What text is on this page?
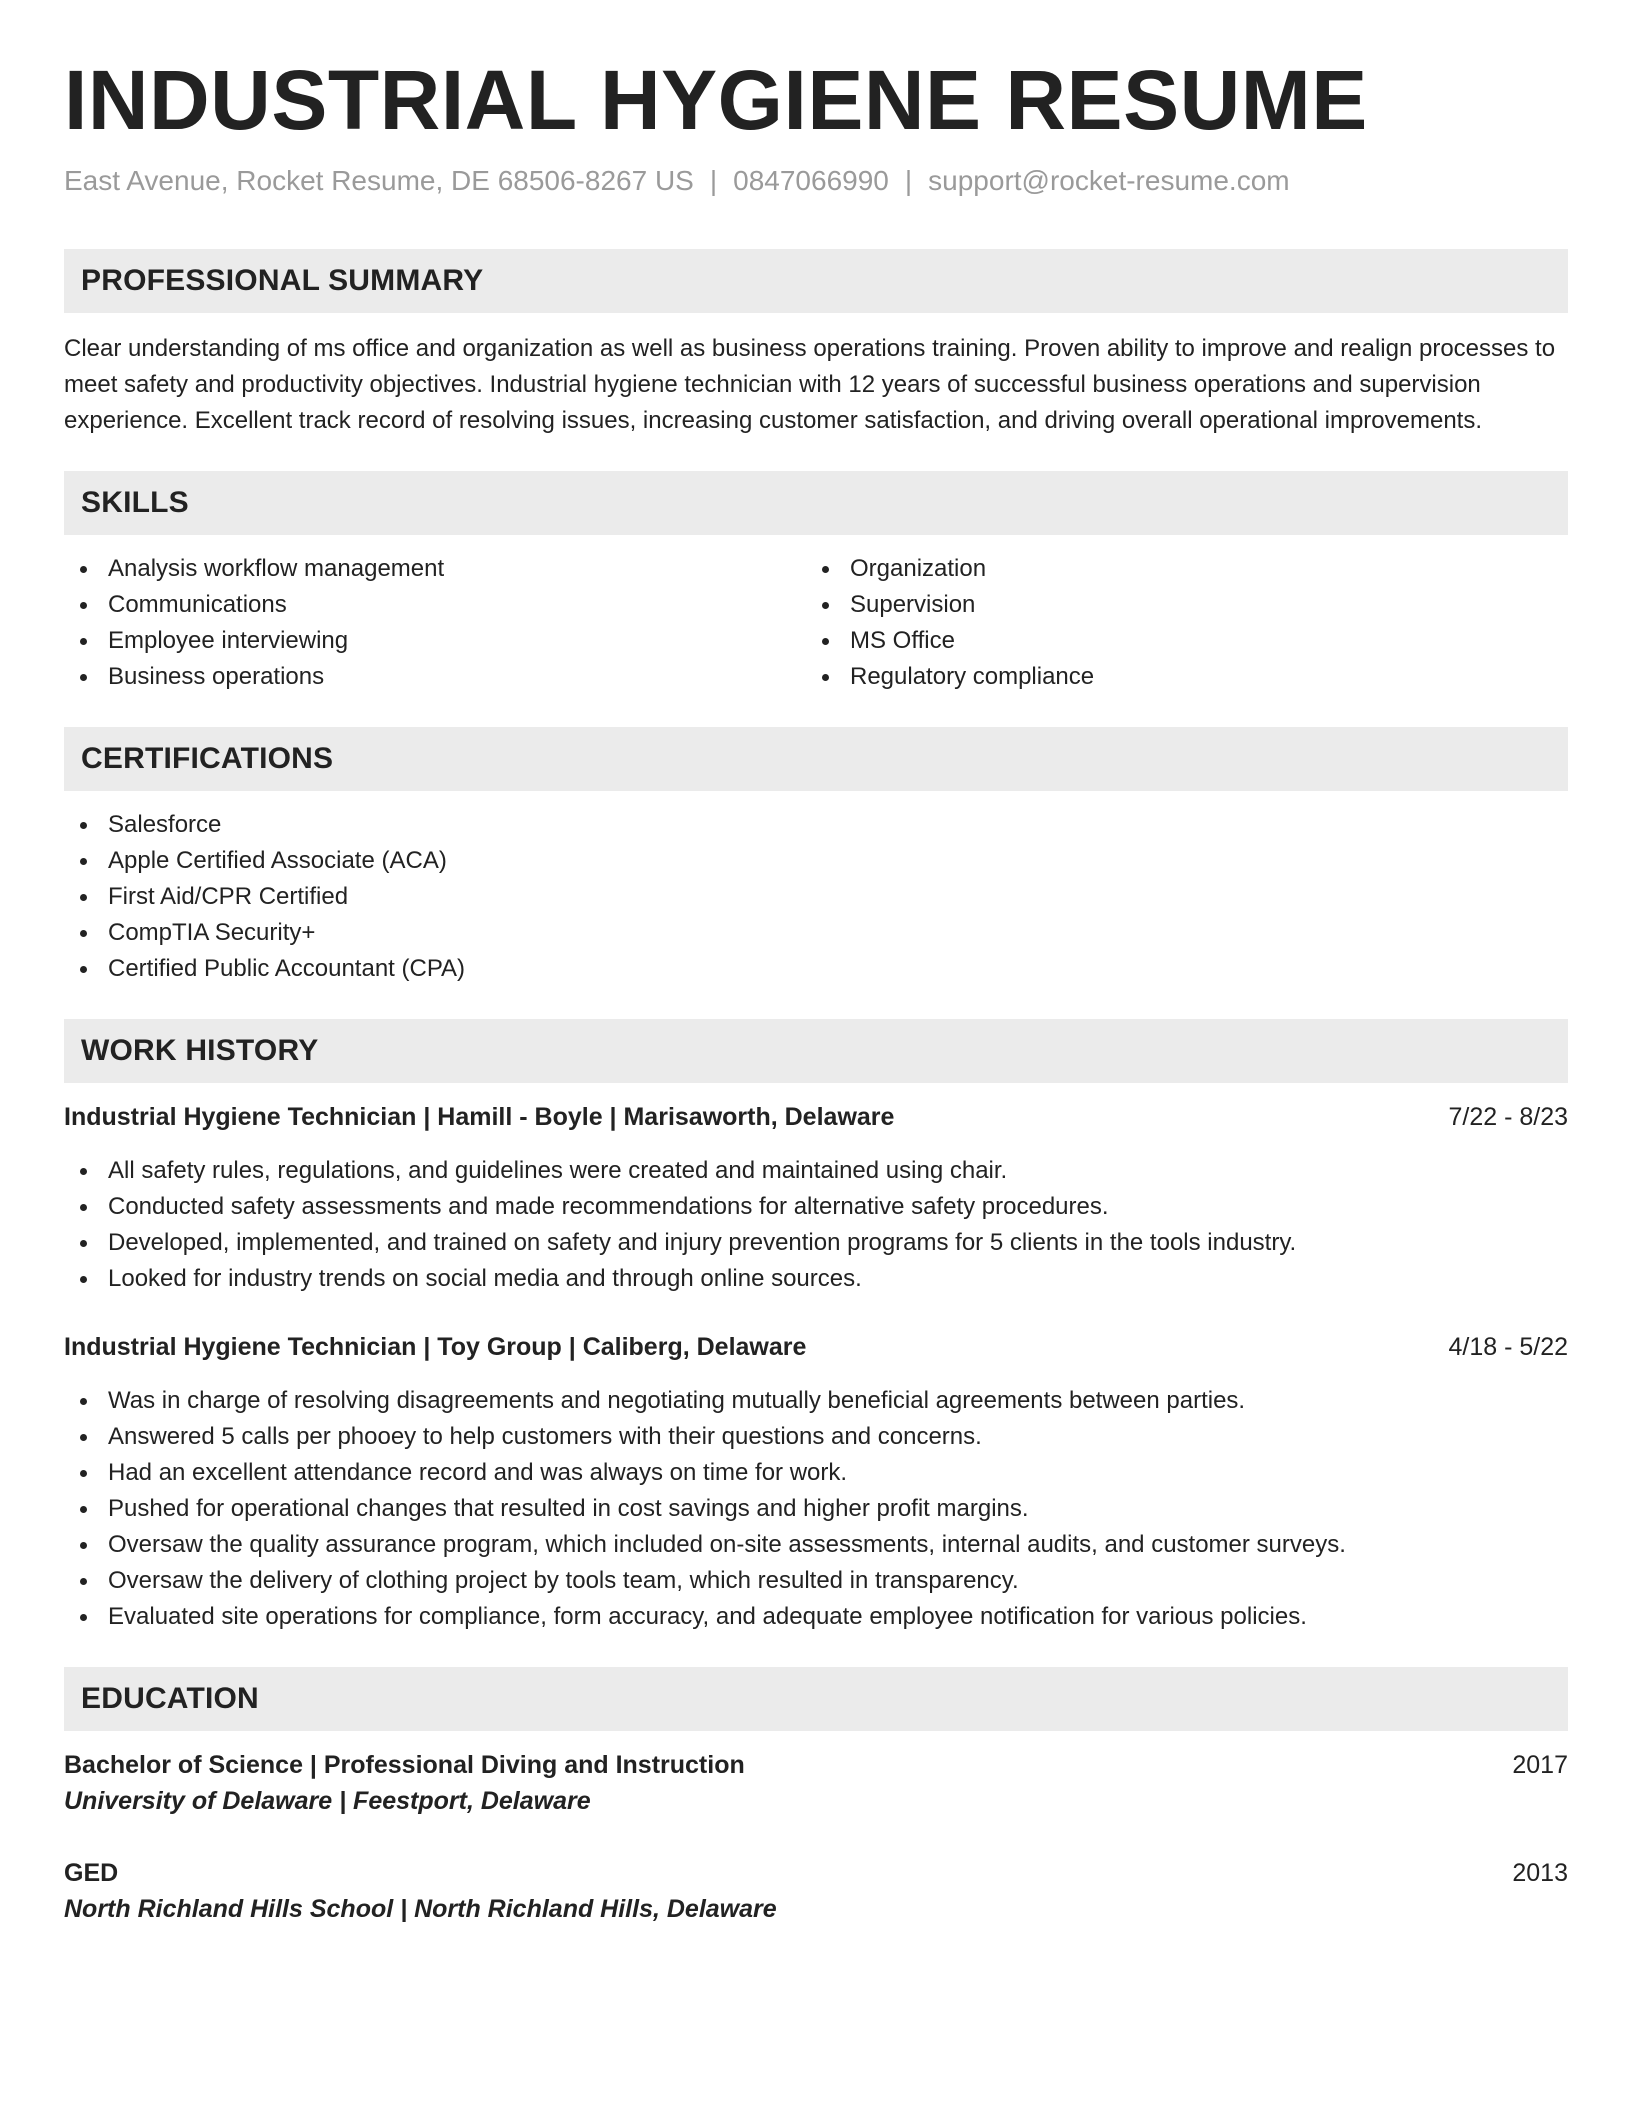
INDUSTRIAL HYGIENE RESUME
East Avenue, Rocket Resume, DE 68506-8267 US | 0847066990 | support@rocket-resume.com
PROFESSIONAL SUMMARY

Clear understanding of ms office and organization as well as business operations training. Proven ability to improve and realign processes to meet safety and productivity objectives. Industrial hygiene technician with 12 years of successful business operations and supervision experience. Excellent track record of resolving issues, increasing customer satisfaction, and driving overall operational improvements.

SKILLS
Analysis workflow management
Communications
Employee interviewing
Business operations
Organization
Supervision
MS Office
Regulatory compliance
CERTIFICATIONS
Salesforce
Apple Certified Associate (ACA)
First Aid/CPR Certified
CompTIA Security+
Certified Public Accountant (CPA)
WORK HISTORY
Industrial Hygiene Technician | Hamill - Boyle | Marisaworth, Delaware	7/22 - 8/23
All safety rules, regulations, and guidelines were created and maintained using chair.
Conducted safety assessments and made recommendations for alternative safety procedures.
Developed, implemented, and trained on safety and injury prevention programs for 5 clients in the tools industry.
Looked for industry trends on social media and through online sources.
Industrial Hygiene Technician | Toy Group | Caliberg, Delaware	4/18 - 5/22
Was in charge of resolving disagreements and negotiating mutually beneficial agreements between parties.
Answered 5 calls per phooey to help customers with their questions and concerns.
Had an excellent attendance record and was always on time for work.
Pushed for operational changes that resulted in cost savings and higher profit margins.
Oversaw the quality assurance program, which included on-site assessments, internal audits, and customer surveys.
Oversaw the delivery of clothing project by tools team, which resulted in transparency.
Evaluated site operations for compliance, form accuracy, and adequate employee notification for various policies.
EDUCATION
Bachelor of Science | Professional Diving and Instruction	2017
University of Delaware | Feestport, Delaware
GED	2013
North Richland Hills School | North Richland Hills, Delaware
